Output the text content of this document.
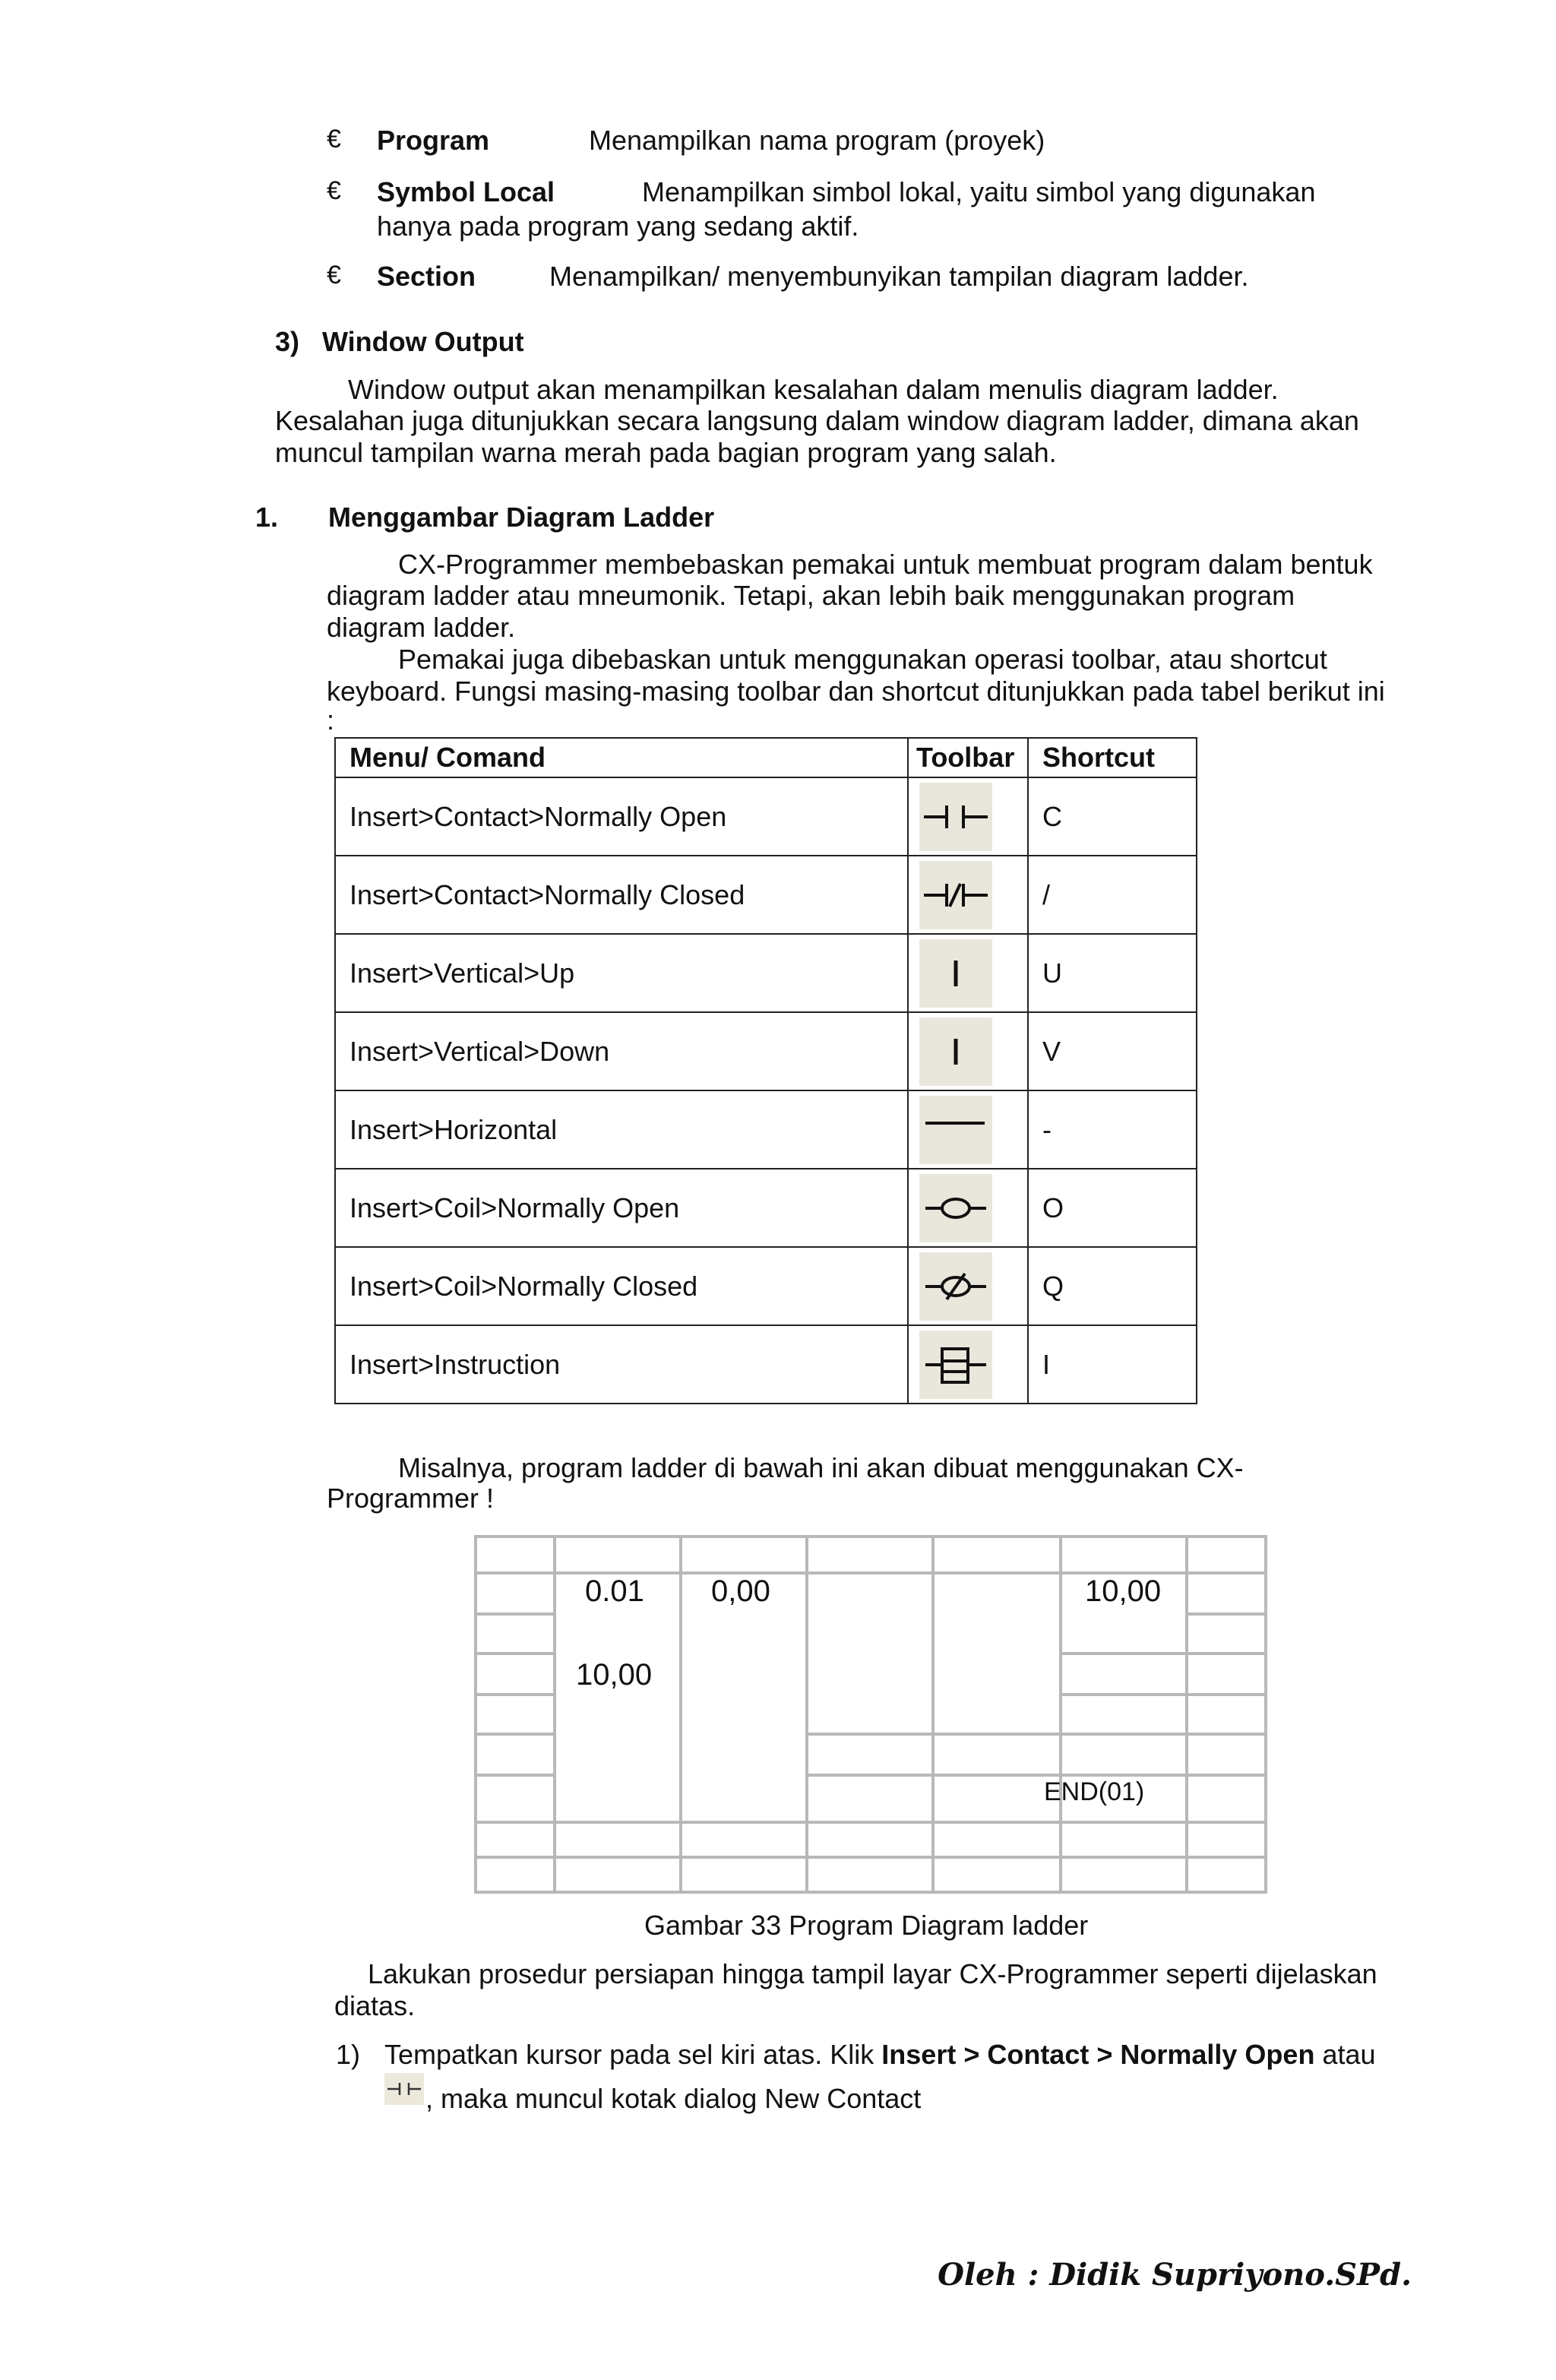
€ Program	Menampilkan nama program (proyek)
€ Symbol Local	Menampilkan simbol lokal, yaitu simbol yang digunakan
hanya pada program yang sedang aktif.
€ Section	Menampilkan/ menyembunyikan tampilan diagram ladder.
3)   Window Output
Window output akan menampilkan kesalahan dalam menulis diagram ladder.
Kesalahan juga ditunjukkan secara langsung dalam window diagram ladder, dimana akan
muncul tampilan warna merah pada bagian program yang salah.
1. Menggambar Diagram Ladder
CX-Programmer membebaskan pemakai untuk membuat program dalam bentuk
diagram ladder atau mneumonik. Tetapi, akan lebih baik menggunakan program
diagram ladder.
Pemakai juga dibebaskan untuk menggunakan operasi toolbar, atau shortcut
keyboard. Fungsi masing-masing toolbar dan shortcut ditunjukkan pada tabel berikut ini
:
Menu/ Comand	Toolbar	Shortcut
Insert>Contact>Normally Open		C
Insert>Contact>Normally Closed		/
Insert>Vertical>Up		U
Insert>Vertical>Down		V
Insert>Horizontal		-
Insert>Coil>Normally Open		O
Insert>Coil>Normally Closed		Q
Insert>Instruction		I
Misalnya, program ladder di bawah ini akan dibuat menggunakan CX-
Programmer !
0.01 0,00	10,00
10,00
END(01)
Gambar 33 Program Diagram ladder
Lakukan prosedur persiapan hingga tampil layar CX-Programmer seperti dijelaskan
diatas.
1) Tempatkan kursor pada sel kiri atas. Klik Insert > Contact > Normally Open atau
, maka muncul kotak dialog New Contact
Oleh : Didik Supriyono.SPd.
